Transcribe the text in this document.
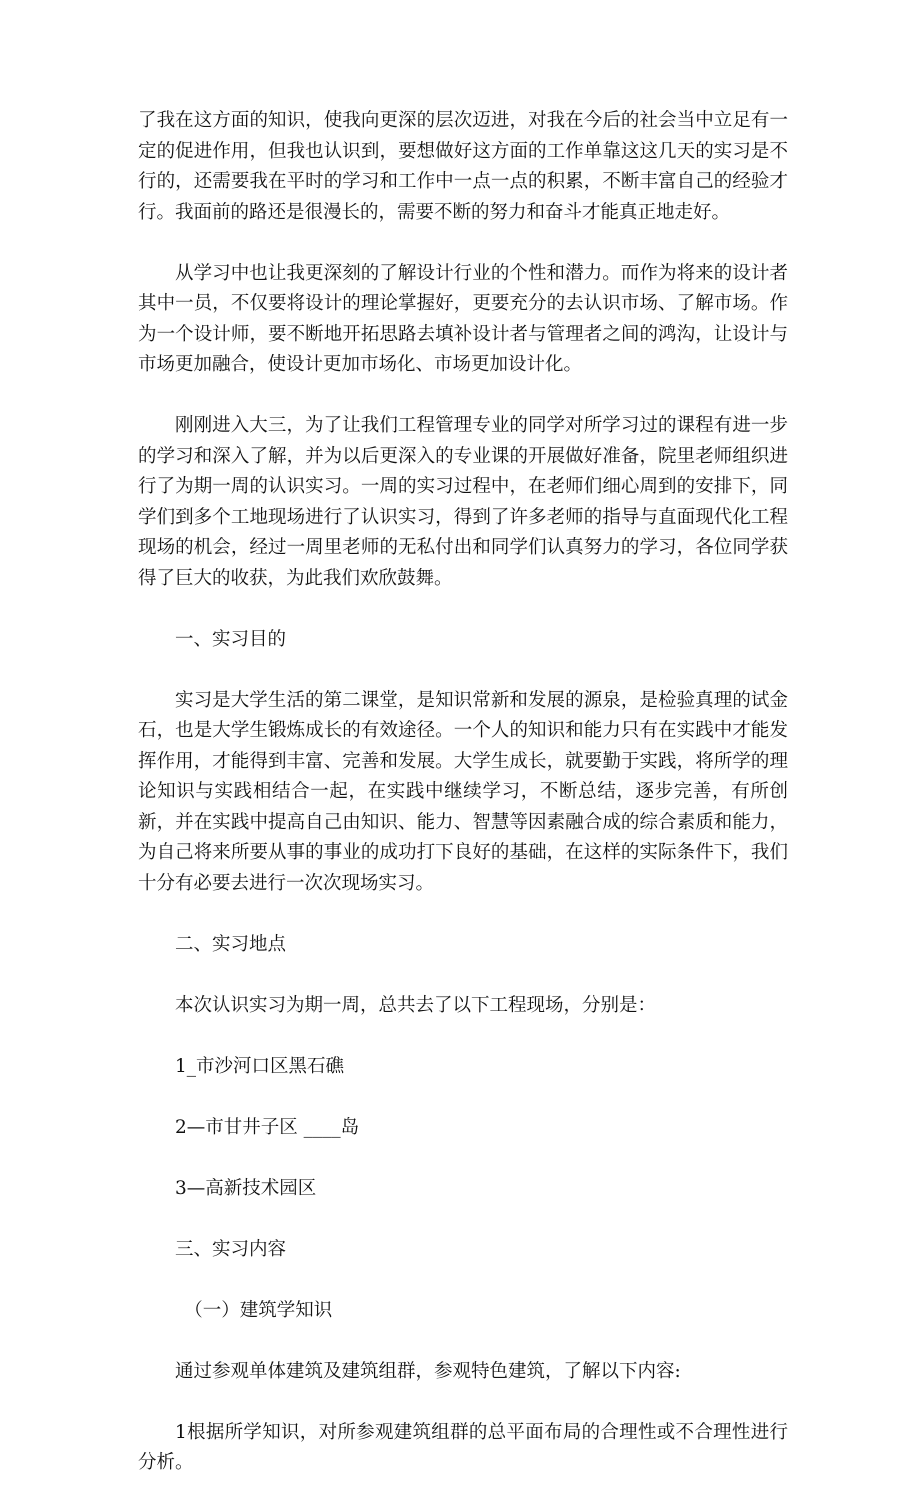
了我在这方面的知识，使我向更深的层次迈进，对我在今后的社会当中立足有一定的促进作用，但我也认识到，要想做好这方面的工作单靠这这几天的实习是不行的，还需要我在平时的学习和工作中一点一点的积累，不断丰富自己的经验才行。我面前的路还是很漫长的，需要不断的努力和奋斗才能真正地走好。

从学习中也让我更深刻的了解设计行业的个性和潜力。而作为将来的设计者其中一员，不仅要将设计的理论掌握好，更要充分的去认识市场、了解市场。作为一个设计师，要不断地开拓思路去填补设计者与管理者之间的鸿沟，让设计与市场更加融合，使设计更加市场化、市场更加设计化。

刚刚进入大三，为了让我们工程管理专业的同学对所学习过的课程有进一步的学习和深入了解，并为以后更深入的专业课的开展做好准备，院里老师组织进行了为期一周的认识实习。一周的实习过程中，在老师们细心周到的安排下，同学们到多个工地现场进行了认识实习，得到了许多老师的指导与直面现代化工程现场的机会，经过一周里老师的无私付出和同学们认真努力的学习，各位同学获得了巨大的收获，为此我们欢欣鼓舞。

一、实习目的

实习是大学生活的第二课堂，是知识常新和发展的源泉，是检验真理的试金石，也是大学生锻炼成长的有效途径。一个人的知识和能力只有在实践中才能发挥作用，才能得到丰富、完善和发展。大学生成长，就要勤于实践，将所学的理论知识与实践相结合一起，在实践中继续学习，不断总结，逐步完善，有所创新，并在实践中提高自己由知识、能力、智慧等因素融合成的综合素质和能力，为自己将来所要从事的事业的成功打下良好的基础，在这样的实际条件下，我们十分有必要去进行一次次现场实习。

二、实习地点

本次认识实习为期一周，总共去了以下工程现场，分别是：

1_市沙河口区黑石礁

2—市甘井子区 ____岛

3—高新技术园区

三、实习内容

（一）建筑学知识

通过参观单体建筑及建筑组群，参观特色建筑，了解以下内容:

1根据所学知识，对所参观建筑组群的总平面布局的合理性或不合理性进行分析。
